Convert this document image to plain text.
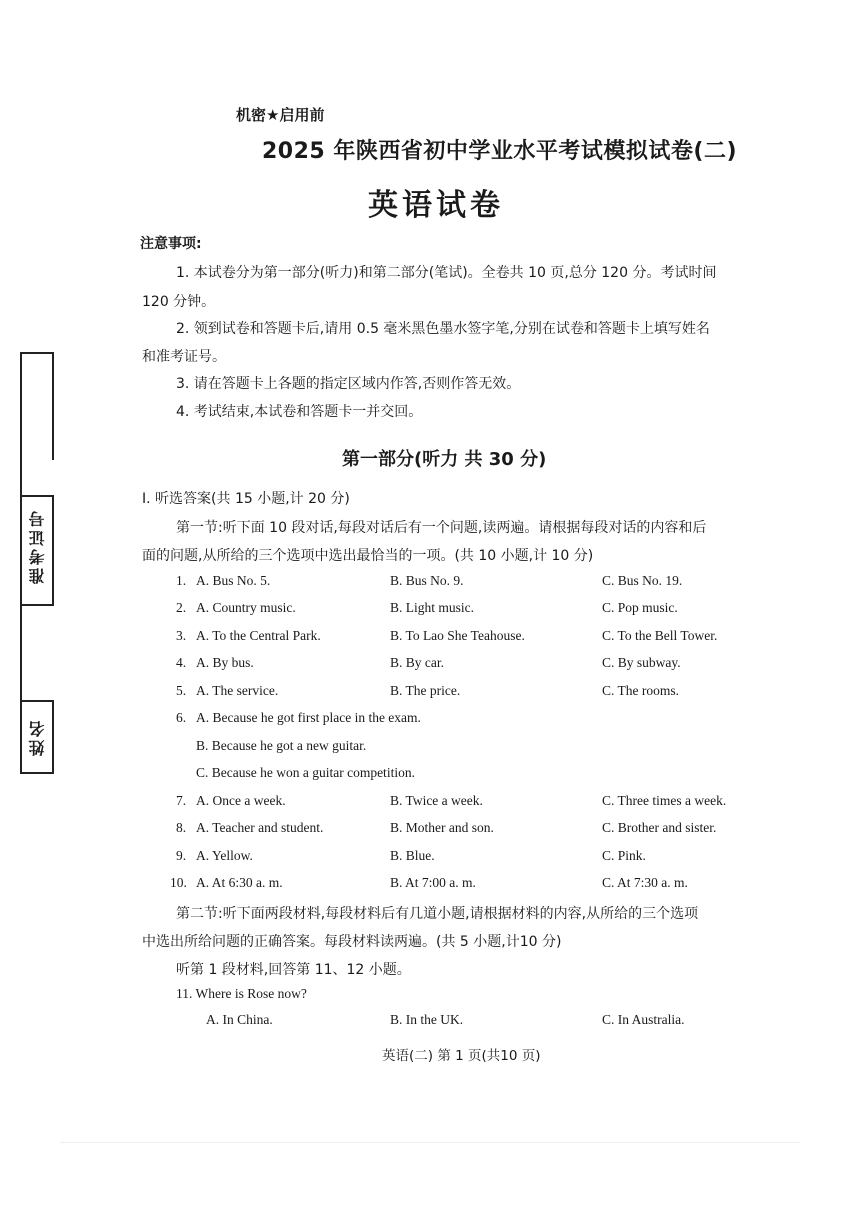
准考证号
姓名
机密★启用前
2025 年陕西省初中学业水平考试模拟试卷(二)
英语试卷
注意事项:
1. 本试卷分为第一部分(听力)和第二部分(笔试)。全卷共 10 页,总分 120 分。考试时间
120 分钟。
2. 领到试卷和答题卡后,请用 0.5 毫米黑色墨水签字笔,分别在试卷和答题卡上填写姓名
和准考证号。
3. 请在答题卡上各题的指定区域内作答,否则作答无效。
4. 考试结束,本试卷和答题卡一并交回。
第一部分(听力 共 30 分)
Ⅰ. 听选答案(共 15 小题,计 20 分)
第一节:听下面 10 段对话,每段对话后有一个问题,读两遍。请根据每段对话的内容和后
面的问题,从所给的三个选项中选出最恰当的一项。(共 10 小题,计 10 分)
1. A. Bus No. 5.	B. Bus No. 9.	C. Bus No. 19.
2. A. Country music.	B. Light music.	C. Pop music.
3. A. To the Central Park.	B. To Lao She Teahouse.	C. To the Bell Tower.
4. A. By bus.	B. By car.	C. By subway.
5. A. The service.	B. The price.	C. The rooms.
6. A. Because he got first place in the exam.
B. Because he got a new guitar.
C. Because he won a guitar competition.
7. A. Once a week.	B. Twice a week.	C. Three times a week.
8. A. Teacher and student.	B. Mother and son.	C. Brother and sister.
9. A. Yellow.	B. Blue.	C. Pink.
10. A. At 6:30 a. m.	B. At 7:00 a. m.	C. At 7:30 a. m.
第二节:听下面两段材料,每段材料后有几道小题,请根据材料的内容,从所给的三个选项
中选出所给问题的正确答案。每段材料读两遍。(共 5 小题,计10 分)
听第 1 段材料,回答第 11、12 小题。
11. Where is Rose now?
A. In China.	B. In the UK.	C. In Australia.
英语(二) 第 1 页(共10 页)
